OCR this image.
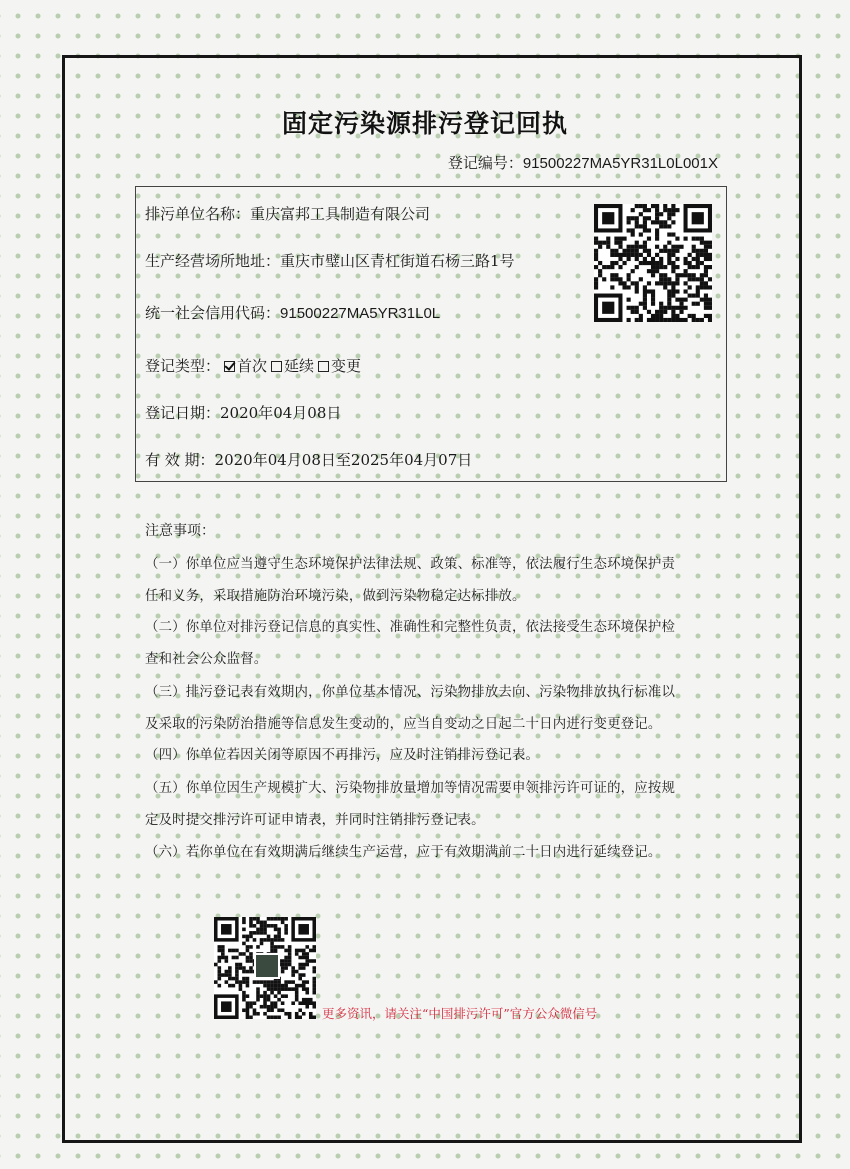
固定污染源排污登记回执
登记编号：91500227MA5YR31L0L001X
排污单位名称：重庆富邦工具制造有限公司
生产经营场所地址：重庆市璧山区青杠街道石杨三路1号
统一社会信用代码：91500227MA5YR31L0L
登记类型： 首次 延续 变更
登记日期：2020年04月08日
有 效 期：2020年04月08日至2025年04月07日
注意事项：
（一）你单位应当遵守生态环境保护法律法规、政策、标准等，依法履行生态环境保护责
任和义务，采取措施防治环境污染，做到污染物稳定达标排放。
（二）你单位对排污登记信息的真实性、准确性和完整性负责，依法接受生态环境保护检
查和社会公众监督。
（三）排污登记表有效期内，你单位基本情况、污染物排放去向、污染物排放执行标准以
及采取的污染防治措施等信息发生变动的，应当自变动之日起二十日内进行变更登记。
（四）你单位若因关闭等原因不再排污，应及时注销排污登记表。
（五）你单位因生产规模扩大、污染物排放量增加等情况需要申领排污许可证的，应按规
定及时提交排污许可证申请表，并同时注销排污登记表。
（六）若你单位在有效期满后继续生产运营，应于有效期满前二十日内进行延续登记。
更多资讯，请关注“中国排污许可”官方公众微信号
